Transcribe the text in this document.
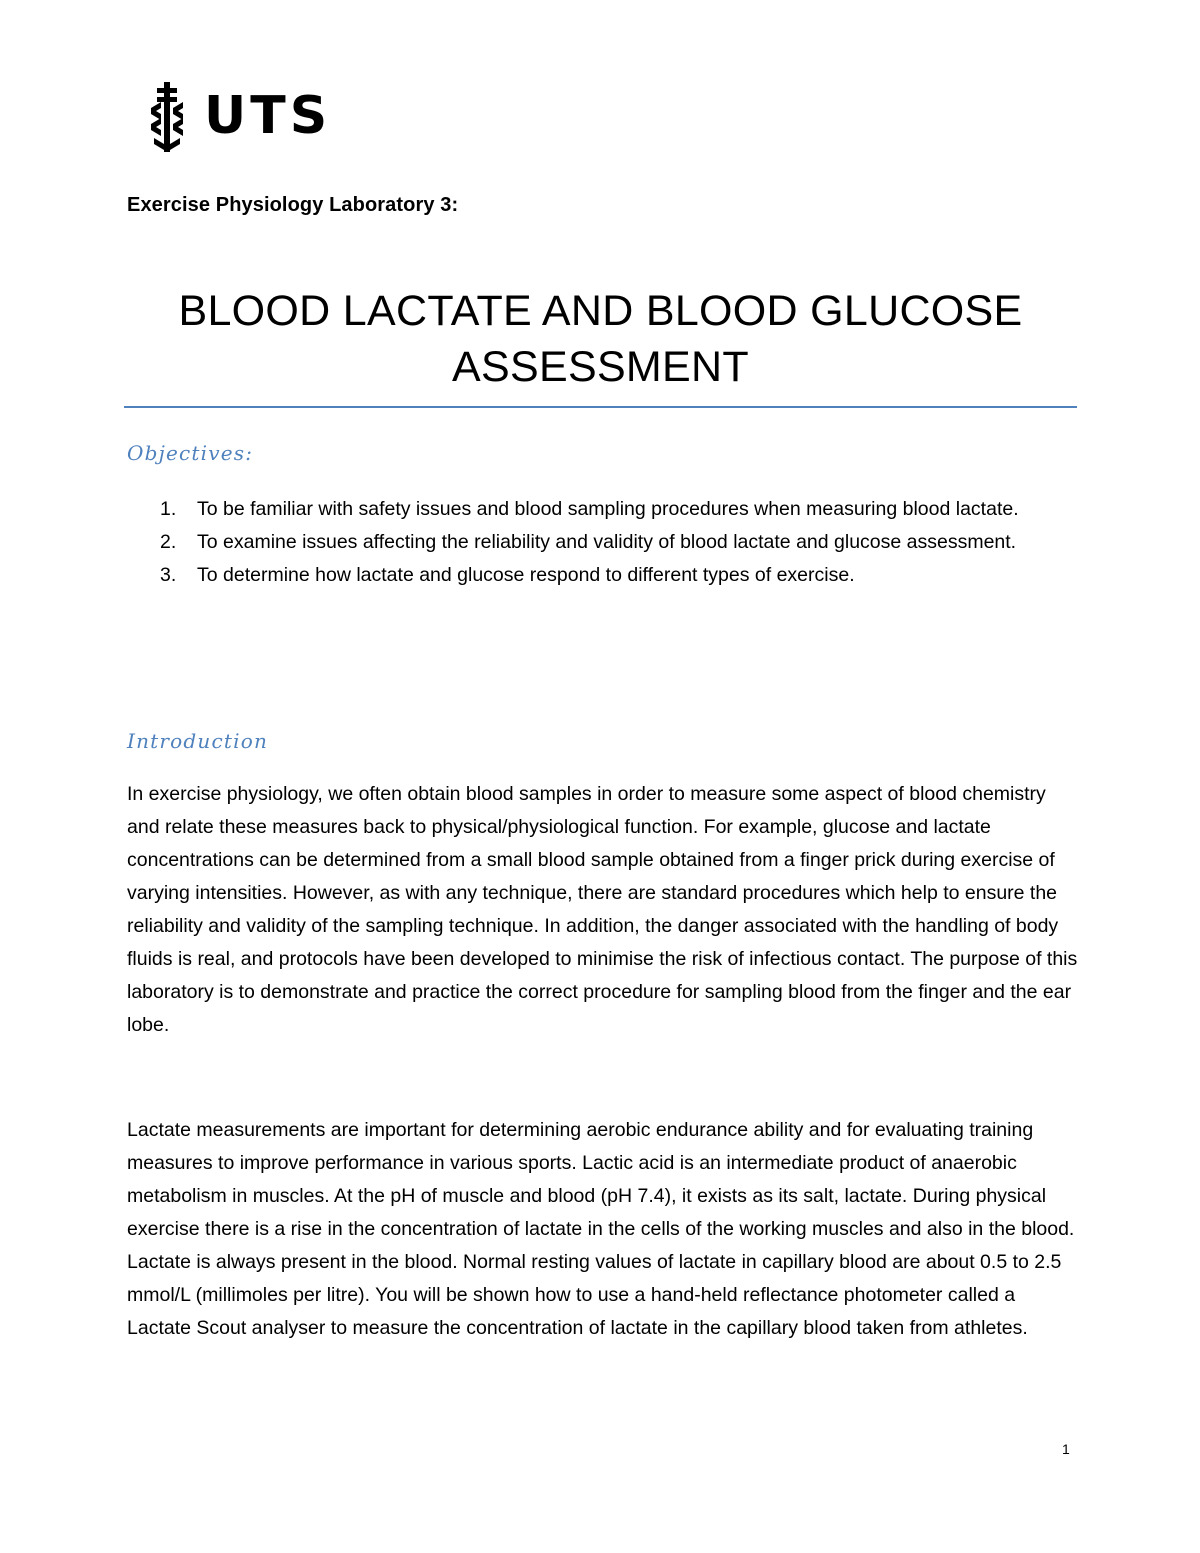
UTS
Exercise Physiology Laboratory 3:
BLOOD LACTATE AND BLOOD GLUCOSE
ASSESSMENT
Objectives:
1. To be familiar with safety issues and blood sampling procedures when measuring blood lactate.
2. To examine issues affecting the reliability and validity of blood lactate and glucose assessment.
3. To determine how lactate and glucose respond to different types of exercise.
Introduction

In exercise physiology, we often obtain blood samples in order to measure some aspect of blood chemistry and relate these measures back to physical/physiological function. For example, glucose and lactate concentrations can be determined from a small blood sample obtained from a finger prick during exercise of varying intensities. However, as with any technique, there are standard procedures which help to ensure the reliability and validity of the sampling technique. In addition, the danger associated with the handling of body fluids is real, and protocols have been developed to minimise the risk of infectious contact. The purpose of this laboratory is to demonstrate and practice the correct procedure for sampling blood from the finger and the ear lobe.

Lactate measurements are important for determining aerobic endurance ability and for evaluating training measures to improve performance in various sports. Lactic acid is an intermediate product of anaerobic metabolism in muscles. At the pH of muscle and blood (pH 7.4), it exists as its salt, lactate. During physical exercise there is a rise in the concentration of lactate in the cells of the working muscles and also in the blood. Lactate is always present in the blood. Normal resting values of lactate in capillary blood are about 0.5 to 2.5 mmol/L (millimoles per litre). You will be shown how to use a hand-held reflectance photometer called a Lactate Scout analyser to measure the concentration of lactate in the capillary blood taken from athletes.

1
